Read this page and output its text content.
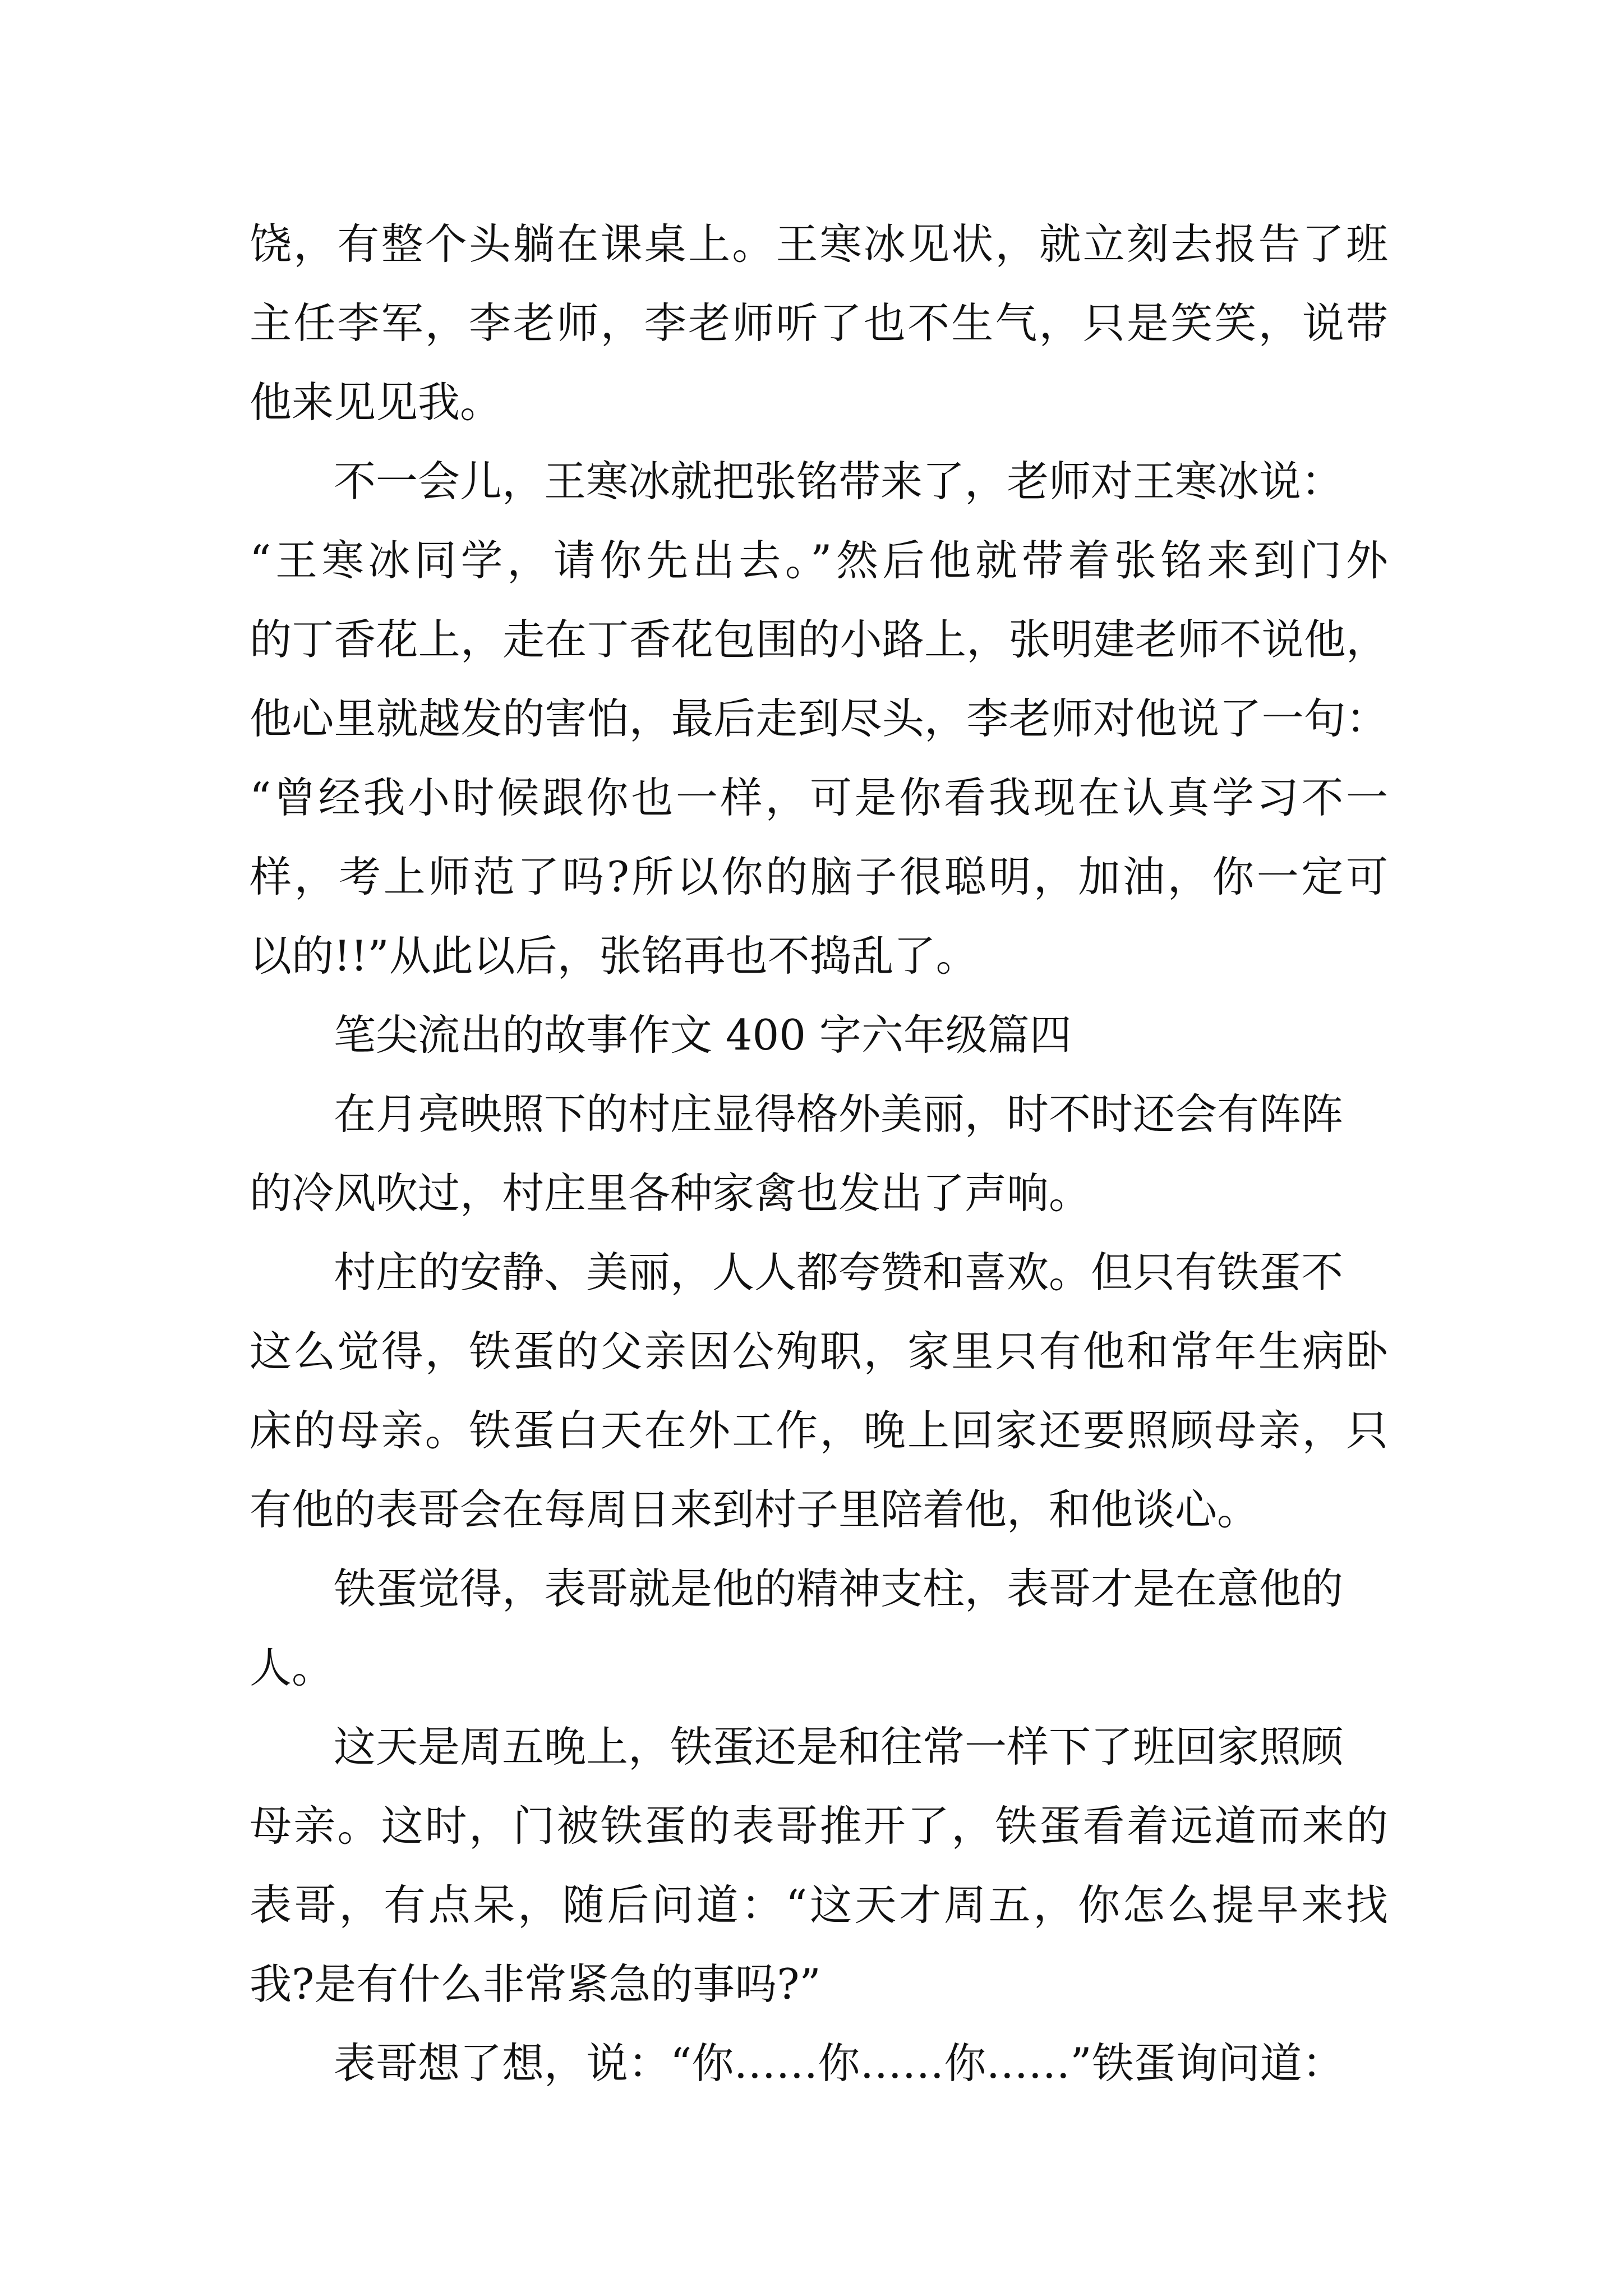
饶，有整个头躺在课桌上。王寒冰见状，就立刻去报告了班
主任李军，李老师，李老师听了也不生气，只是笑笑，说带
他来见见我。
不一会儿，王寒冰就把张铭带来了，老师对王寒冰说：
“王寒冰同学，请你先出去。”然后他就带着张铭来到门外
的丁香花上，走在丁香花包围的小路上，张明建老师不说他，
他心里就越发的害怕，最后走到尽头，李老师对他说了一句：
“曾经我小时候跟你也一样，可是你看我现在认真学习不一
样，考上师范了吗?所以你的脑子很聪明，加油，你一定可
以的!!”从此以后，张铭再也不捣乱了。
笔尖流出的故事作文 400 字六年级篇四
在月亮映照下的村庄显得格外美丽，时不时还会有阵阵
的冷风吹过，村庄里各种家禽也发出了声响。
村庄的安静、美丽，人人都夸赞和喜欢。但只有铁蛋不
这么觉得，铁蛋的父亲因公殉职，家里只有他和常年生病卧
床的母亲。铁蛋白天在外工作，晚上回家还要照顾母亲，只
有他的表哥会在每周日来到村子里陪着他，和他谈心。
铁蛋觉得，表哥就是他的精神支柱，表哥才是在意他的
人。
这天是周五晚上，铁蛋还是和往常一样下了班回家照顾
母亲。这时，门被铁蛋的表哥推开了，铁蛋看着远道而来的
表哥，有点呆，随后问道：“这天才周五，你怎么提早来找
我?是有什么非常紧急的事吗?”
表哥想了想，说：“你……你……你……”铁蛋询问道：
